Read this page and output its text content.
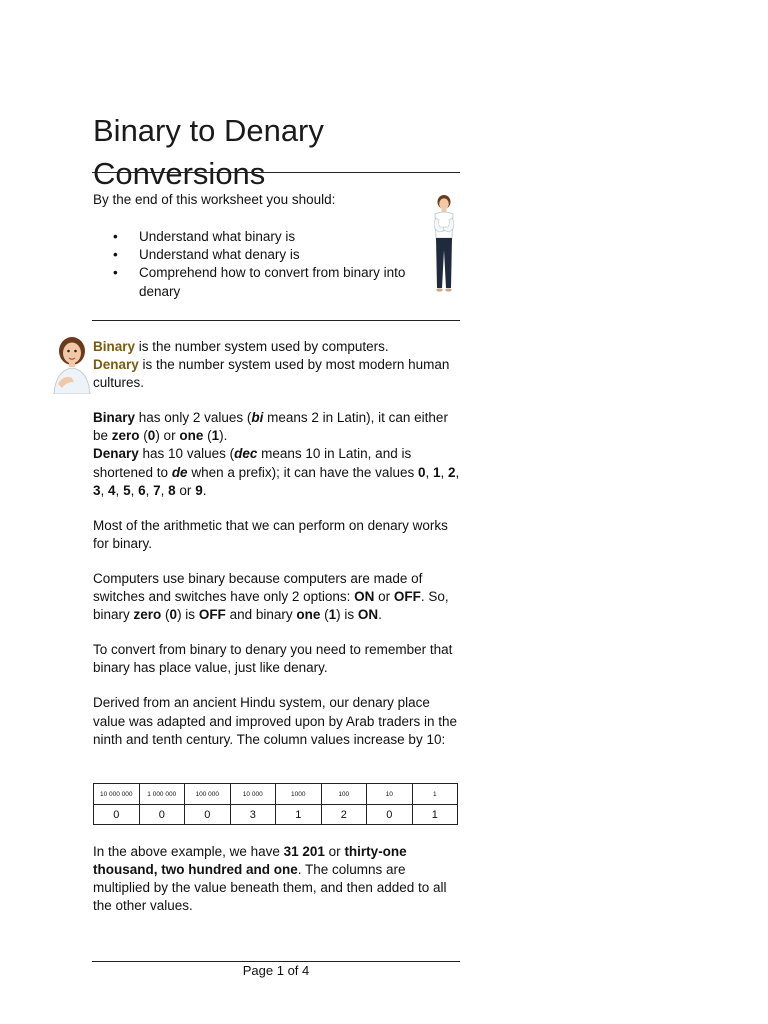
Binary to Denary
Conversions
By the end of this worksheet you should:
• Understand what binary is
• Understand what denary is
• Comprehend how to convert from binary into denary

Binary is the number system used by computers.
Denary is the number system used by most modern human cultures.

Binary has only 2 values (bi means 2 in Latin), it can either be zero (0) or one (1).
Denary has 10 values (dec means 10 in Latin, and is shortened to de when a prefix); it can have the values 0, 1, 2, 3, 4, 5, 6, 7, 8 or 9.

Most of the arithmetic that we can perform on denary works for binary.

Computers use binary because computers are made of switches and switches have only 2 options: ON or OFF. So, binary zero (0) is OFF and binary one (1) is ON.

To convert from binary to denary you need to remember that binary has place value, just like denary.

Derived from an ancient Hindu system, our denary place value was adapted and improved upon by Arab traders in the ninth and tenth century. The column values increase by 10:

10 000 000	1 000 000	100 000	10 000	1000	100	10	1
0	0	0	3	1	2	0	1

In the above example, we have 31 201 or thirty-one thousand, two hundred and one. The columns are multiplied by the value beneath them, and then added to all the other values.

Page 1 of 4
